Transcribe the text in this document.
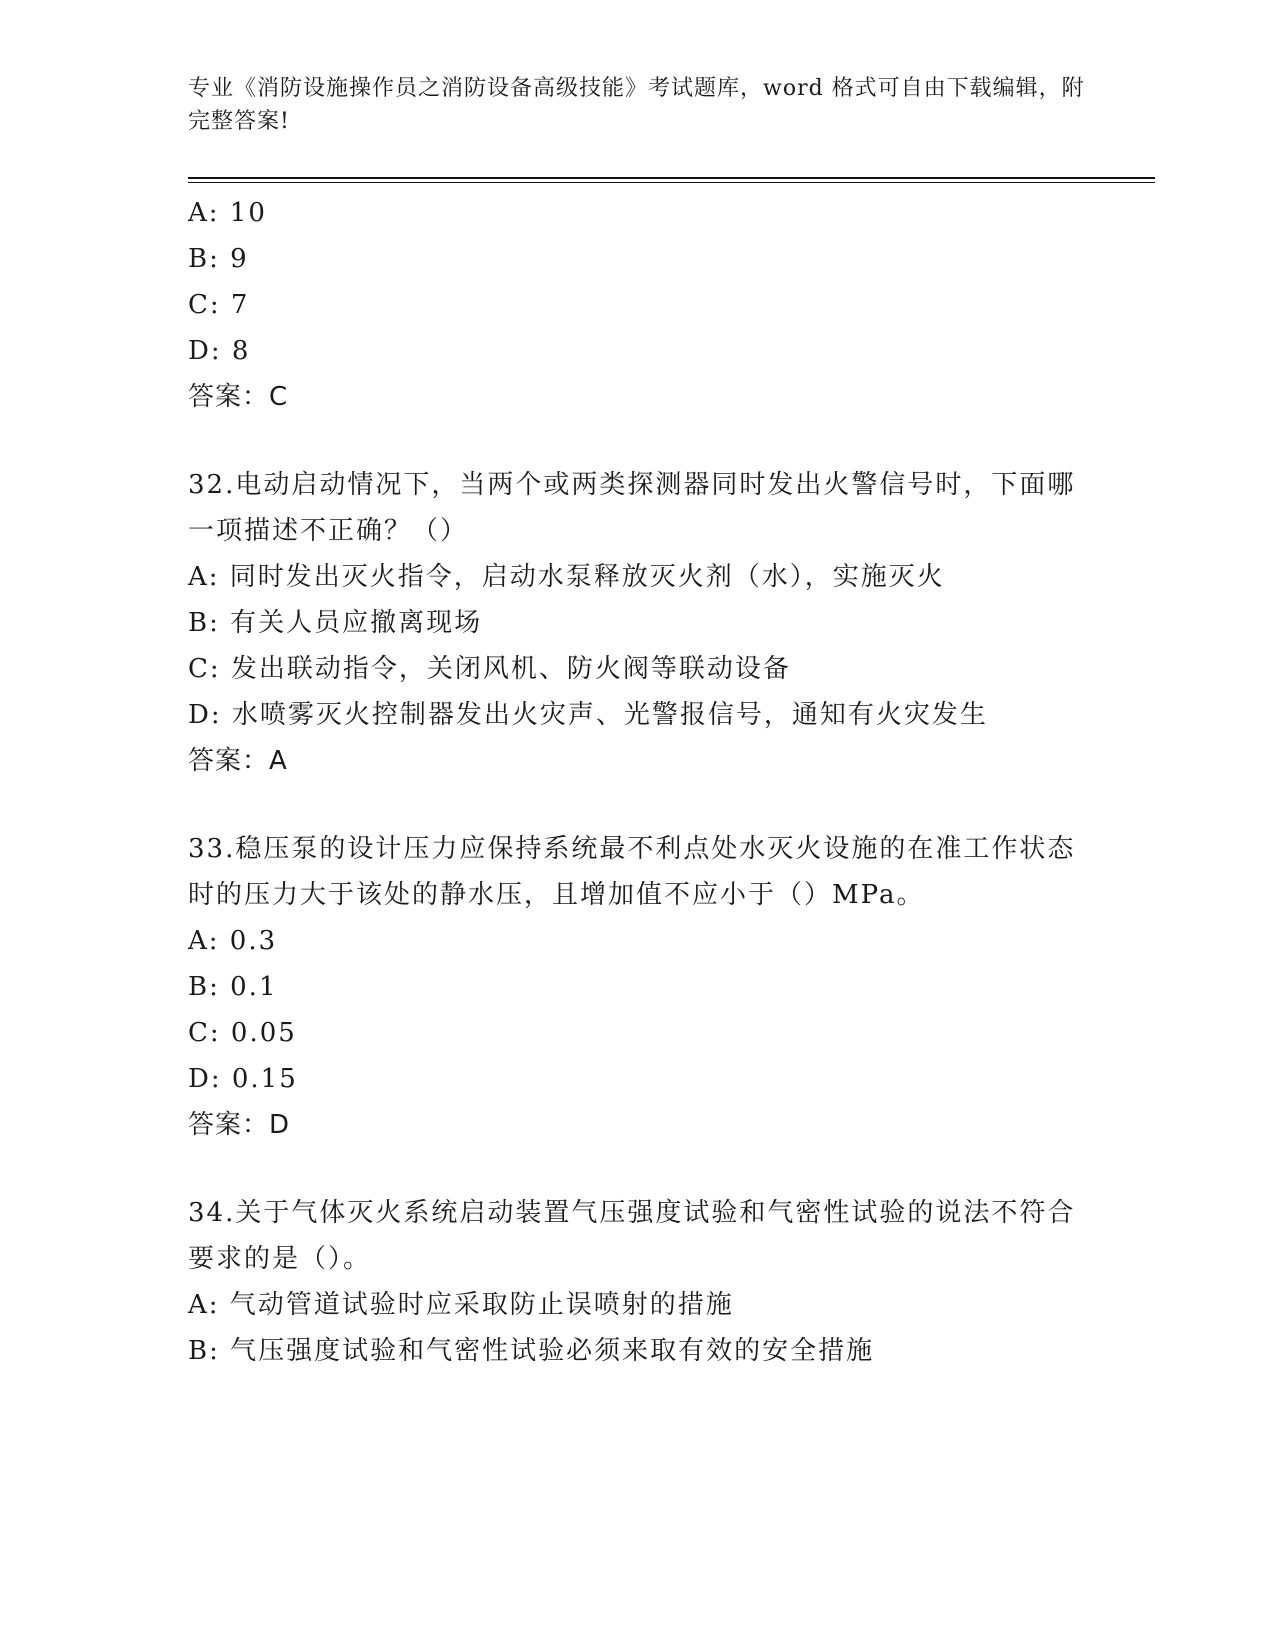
专业《消防设施操作员之消防设备高级技能》考试题库，word 格式可自由下载编辑，附完整答案!
A: 10
B: 9
C: 7
D: 8
答案：C
32.电动启动情况下，当两个或两类探测器同时发出火警信号时，下面哪一项描述不正确？（）
A: 同时发出灭火指令，启动水泵释放灭火剂（水），实施灭火
B: 有关人员应撤离现场
C: 发出联动指令，关闭风机、防火阀等联动设备
D: 水喷雾灭火控制器发出火灾声、光警报信号，通知有火灾发生
答案：A
33.稳压泵的设计压力应保持系统最不利点处水灭火设施的在准工作状态时的压力大于该处的静水压，且增加值不应小于（）MPa。
A: 0.3
B: 0.1
C: 0.05
D: 0.15
答案：D
34.关于气体灭火系统启动装置气压强度试验和气密性试验的说法不符合要求的是（）。
A: 气动管道试验时应采取防止误喷射的措施
B: 气压强度试验和气密性试验必须来取有效的安全措施
